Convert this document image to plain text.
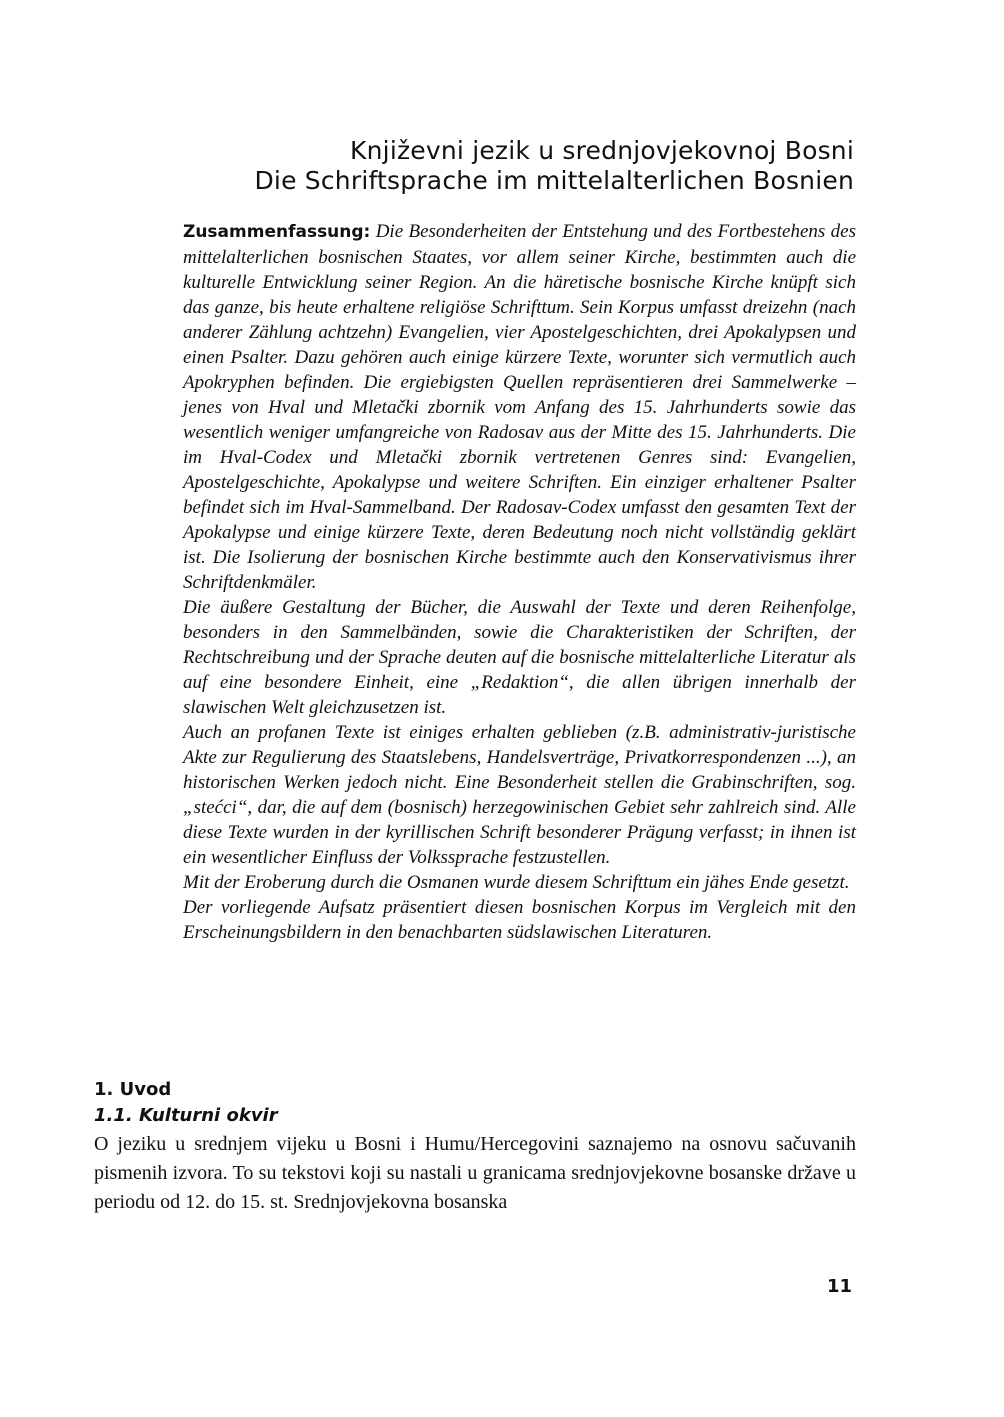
Književni jezik u srednjovjekovnoj Bosni
Die Schriftsprache im mittelalterlichen Bosnien

Zusammenfassung: Die Besonderheiten der Entstehung und des Fortbestehens des mittelalterlichen bosnischen Staates, vor allem seiner Kirche, bestimmten auch die kulturelle Entwicklung seiner Region. An die häretische bosnische Kirche knüpft sich das ganze, bis heute erhaltene religiöse Schrifttum. Sein Korpus umfasst dreizehn (nach anderer Zählung achtzehn) Evangelien, vier Apostelgeschichten, drei Apokalypsen und einen Psalter. Dazu gehören auch einige kürzere Texte, worunter sich vermutlich auch Apokryphen befinden. Die ergiebigsten Quellen repräsentieren drei Sammelwerke – jenes von Hval und Mletački zbornik vom Anfang des 15. Jahrhunderts sowie das wesentlich weniger umfangreiche von Radosav aus der Mitte des 15. Jahrhunderts. Die im Hval-Codex und Mletački zbornik vertretenen Genres sind: Evangelien, Apostelgeschichte, Apokalypse und weitere Schriften. Ein einziger erhaltener Psalter befindet sich im Hval-Sammelband. Der Radosav-Codex umfasst den gesamten Text der Apokalypse und einige kürzere Texte, deren Bedeutung noch nicht vollständig geklärt ist. Die Isolierung der bosnischen Kirche bestimmte auch den Konservativismus ihrer Schriftdenkmäler.

Die äußere Gestaltung der Bücher, die Auswahl der Texte und deren Reihenfolge, besonders in den Sammelbänden, sowie die Charakteristiken der Schriften, der Rechtschreibung und der Sprache deuten auf die bosnische mittelalterliche Literatur als auf eine besondere Einheit, eine „Redaktion“, die allen übrigen innerhalb der slawischen Welt gleichzusetzen ist.

Auch an profanen Texte ist einiges erhalten geblieben (z.B. administrativ-juristische Akte zur Regulierung des Staatslebens, Handelsverträge, Privatkorrespondenzen ...), an historischen Werken jedoch nicht. Eine Besonderheit stellen die Grabinschriften, sog. „stećci“, dar, die auf dem (bosnisch) herzegowinischen Gebiet sehr zahlreich sind. Alle diese Texte wurden in der kyrillischen Schrift besonderer Prägung verfasst; in ihnen ist ein wesentlicher Einfluss der Volkssprache festzustellen.

Mit der Eroberung durch die Osmanen wurde diesem Schrifttum ein jähes Ende gesetzt.

Der vorliegende Aufsatz präsentiert diesen bosnischen Korpus im Vergleich mit den Erscheinungsbildern in den benachbarten südslawischen Literaturen.

1. Uvod
1.1. Kulturni okvir

O jeziku u srednjem vijeku u Bosni i Humu/Hercegovini saznajemo na osnovu sačuvanih pismenih izvora. To su tekstovi koji su nastali u granicama srednjovjekovne bosanske države u periodu od 12. do 15. st. Srednjovjekovna bosanska

11
